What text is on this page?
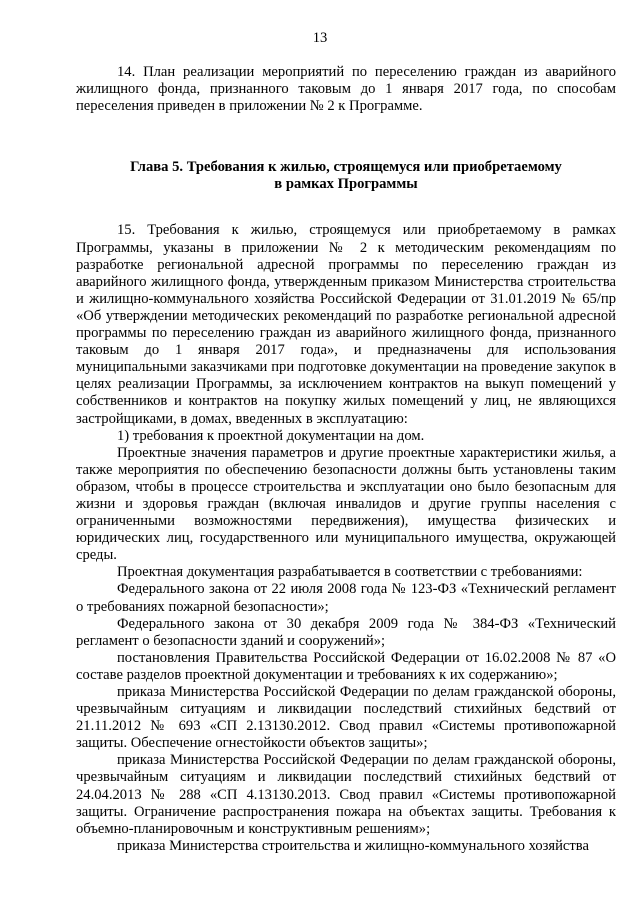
13

14. План реализации мероприятий по переселению граждан из аварийного жилищного фонда, признанного таковым до 1 января 2017 года, по способам переселения приведен в приложении № 2 к Программе.

Глава 5. Требования к жилью, строящемуся или приобретаемому
в рамках Программы

15. Требования к жилью, строящемуся или приобретаемому в рамках Программы, указаны в приложении № 2 к методическим рекомендациям по разработке региональной адресной программы по переселению граждан из аварийного жилищного фонда, утвержденным приказом Министерства строительства и жилищно-коммунального хозяйства Российской Федерации от 31.01.2019 № 65/пр «Об утверждении методических рекомендаций по разработке региональной адресной программы по переселению граждан из аварийного жилищного фонда, признанного таковым до 1 января 2017 года», и предназначены для использования муниципальными заказчиками при подготовке документации на проведение закупок в целях реализации Программы, за исключением контрактов на выкуп помещений у собственников и контрактов на покупку жилых помещений у лиц, не являющихся застройщиками, в домах, введенных в эксплуатацию:

1) требования к проектной документации на дом.

Проектные значения параметров и другие проектные характеристики жилья, а также мероприятия по обеспечению безопасности должны быть установлены таким образом, чтобы в процессе строительства и эксплуатации оно было безопасным для жизни и здоровья граждан (включая инвалидов и другие группы населения с ограниченными возможностями передвижения), имущества физических и юридических лиц, государственного или муниципального имущества, окружающей среды.

Проектная документация разрабатывается в соответствии с требованиями:

Федерального закона от 22 июля 2008 года № 123-ФЗ «Технический регламент о требованиях пожарной безопасности»;

Федерального закона от 30 декабря 2009 года № 384-ФЗ «Технический регламент о безопасности зданий и сооружений»;

постановления Правительства Российской Федерации от 16.02.2008 № 87 «О составе разделов проектной документации и требованиях к их содержанию»;

приказа Министерства Российской Федерации по делам гражданской обороны, чрезвычайным ситуациям и ликвидации последствий стихийных бедствий от 21.11.2012 № 693 «СП 2.13130.2012. Свод правил «Системы противопожарной защиты. Обеспечение огнестойкости объектов защиты»;

приказа Министерства Российской Федерации по делам гражданской обороны, чрезвычайным ситуациям и ликвидации последствий стихийных бедствий от 24.04.2013 № 288 «СП 4.13130.2013. Свод правил «Системы противопожарной защиты. Ограничение распространения пожара на объектах защиты. Требования к объемно-планировочным и конструктивным решениям»;

приказа Министерства строительства и жилищно-коммунального хозяйства
